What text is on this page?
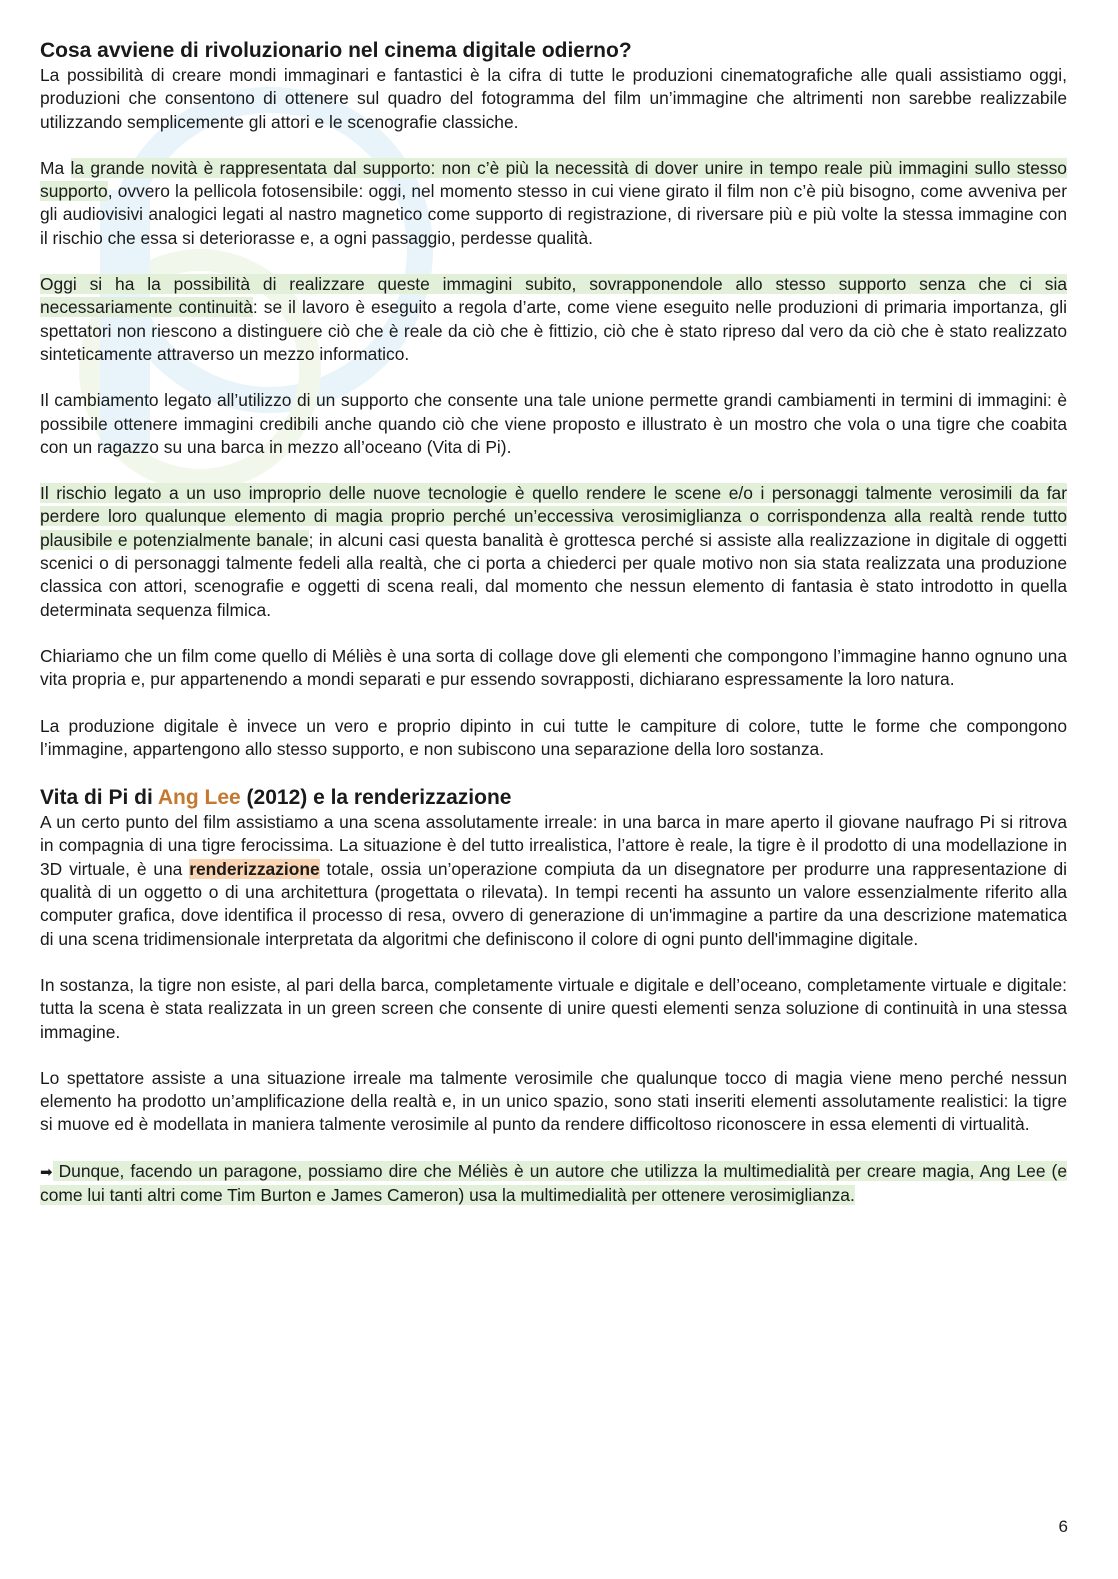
Cosa avviene di rivoluzionario nel cinema digitale odierno?

La possibilità di creare mondi immaginari e fantastici è la cifra di tutte le produzioni cinematografiche alle quali assistiamo oggi, produzioni che consentono di ottenere sul quadro del fotogramma del film un’immagine che altrimenti non sarebbe realizzabile utilizzando semplicemente gli attori e le scenografie classiche.

Ma la grande novità è rappresentata dal supporto: non c’è più la necessità di dover unire in tempo reale più immagini sullo stesso supporto, ovvero la pellicola fotosensibile: oggi, nel momento stesso in cui viene girato il film non c’è più bisogno, come avveniva per gli audiovisivi analogici legati al nastro magnetico come supporto di registrazione, di riversare più e più volte la stessa immagine con il rischio che essa si deteriorasse e, a ogni passaggio, perdesse qualità.

Oggi si ha la possibilità di realizzare queste immagini subito, sovrapponendole allo stesso supporto senza che ci sia necessariamente continuità: se il lavoro è eseguito a regola d’arte, come viene eseguito nelle produzioni di primaria importanza, gli spettatori non riescono a distinguere ciò che è reale da ciò che è fittizio, ciò che è stato ripreso dal vero da ciò che è stato realizzato sinteticamente attraverso un mezzo informatico.

Il cambiamento legato all’utilizzo di un supporto che consente una tale unione permette grandi cambiamenti in termini di immagini: è possibile ottenere immagini credibili anche quando ciò che viene proposto e illustrato è un mostro che vola o una tigre che coabita con un ragazzo su una barca in mezzo all’oceano (Vita di Pi).

Il rischio legato a un uso improprio delle nuove tecnologie è quello rendere le scene e/o i personaggi talmente verosimili da far perdere loro qualunque elemento di magia proprio perché un’eccessiva verosimiglianza o corrispondenza alla realtà rende tutto plausibile e potenzialmente banale; in alcuni casi questa banalità è grottesca perché si assiste alla realizzazione in digitale di oggetti scenici o di personaggi talmente fedeli alla realtà, che ci porta a chiederci per quale motivo non sia stata realizzata una produzione classica con attori, scenografie e oggetti di scena reali, dal momento che nessun elemento di fantasia è stato introdotto in quella determinata sequenza filmica.

Chiariamo che un film come quello di Méliès è una sorta di collage dove gli elementi che compongono l’immagine hanno ognuno una vita propria e, pur appartenendo a mondi separati e pur essendo sovrapposti, dichiarano espressamente la loro natura.

La produzione digitale è invece un vero e proprio dipinto in cui tutte le campiture di colore, tutte le forme che compongono l’immagine, appartengono allo stesso supporto, e non subiscono una separazione della loro sostanza.

Vita di Pi di Ang Lee (2012) e la renderizzazione

A un certo punto del film assistiamo a una scena assolutamente irreale: in una barca in mare aperto il giovane naufrago Pi si ritrova in compagnia di una tigre ferocissima. La situazione è del tutto irrealistica, l’attore è reale, la tigre è il prodotto di una modellazione in 3D virtuale, è una renderizzazione totale, ossia un’operazione compiuta da un disegnatore per produrre una rappresentazione di qualità di un oggetto o di una architettura (progettata o rilevata). In tempi recenti ha assunto un valore essenzialmente riferito alla computer grafica, dove identifica il processo di resa, ovvero di generazione di un'immagine a partire da una descrizione matematica di una scena tridimensionale interpretata da algoritmi che definiscono il colore di ogni punto dell'immagine digitale.

In sostanza, la tigre non esiste, al pari della barca, completamente virtuale e digitale e dell’oceano, completamente virtuale e digitale: tutta la scena è stata realizzata in un green screen che consente di unire questi elementi senza soluzione di continuità in una stessa immagine.

Lo spettatore assiste a una situazione irreale ma talmente verosimile che qualunque tocco di magia viene meno perché nessun elemento ha prodotto un’amplificazione della realtà e, in un unico spazio, sono stati inseriti elementi assolutamente realistici: la tigre si muove ed è modellata in maniera talmente verosimile al punto da rendere difficoltoso riconoscere in essa elementi di virtualità.

➡ Dunque, facendo un paragone, possiamo dire che Méliès è un autore che utilizza la multimedialità per creare magia, Ang Lee (e come lui tanti altri come Tim Burton e James Cameron) usa la multimedialità per ottenere verosimiglianza.

6
